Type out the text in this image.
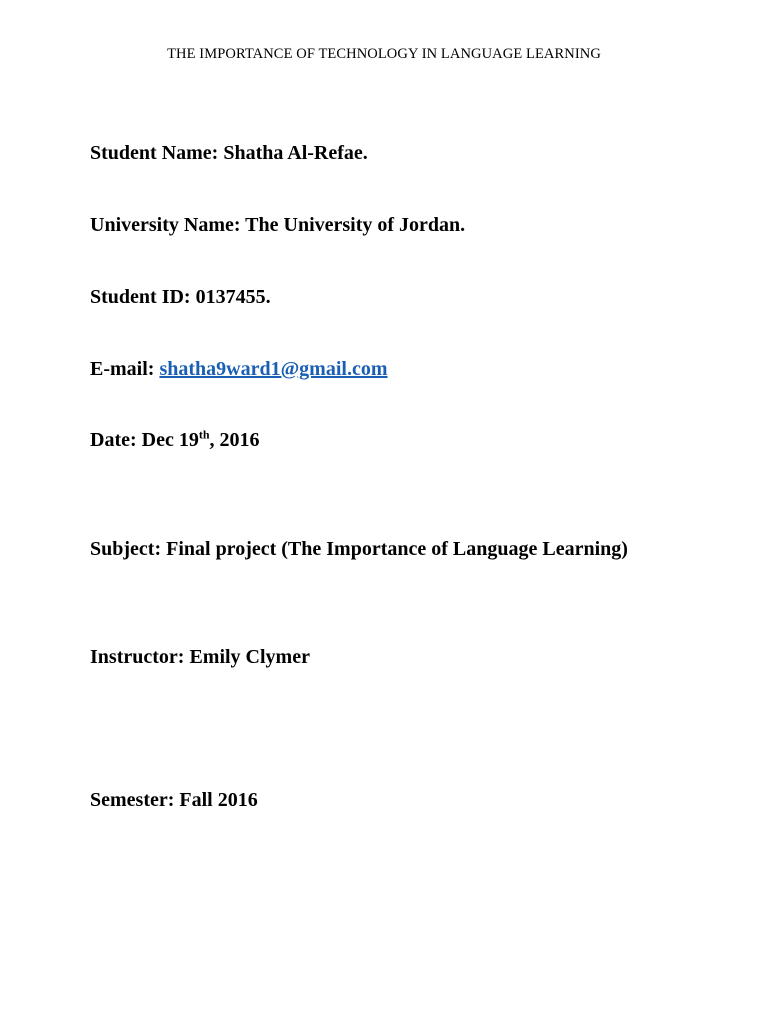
THE IMPORTANCE OF TECHNOLOGY IN LANGUAGE LEARNING
Student Name: Shatha Al-Refae.
University Name: The University of Jordan.
Student ID: 0137455.
E-mail: shatha9ward1@gmail.com
Date: Dec 19th, 2016
Subject: Final project (The Importance of Language Learning)
Instructor: Emily Clymer
Semester: Fall 2016
